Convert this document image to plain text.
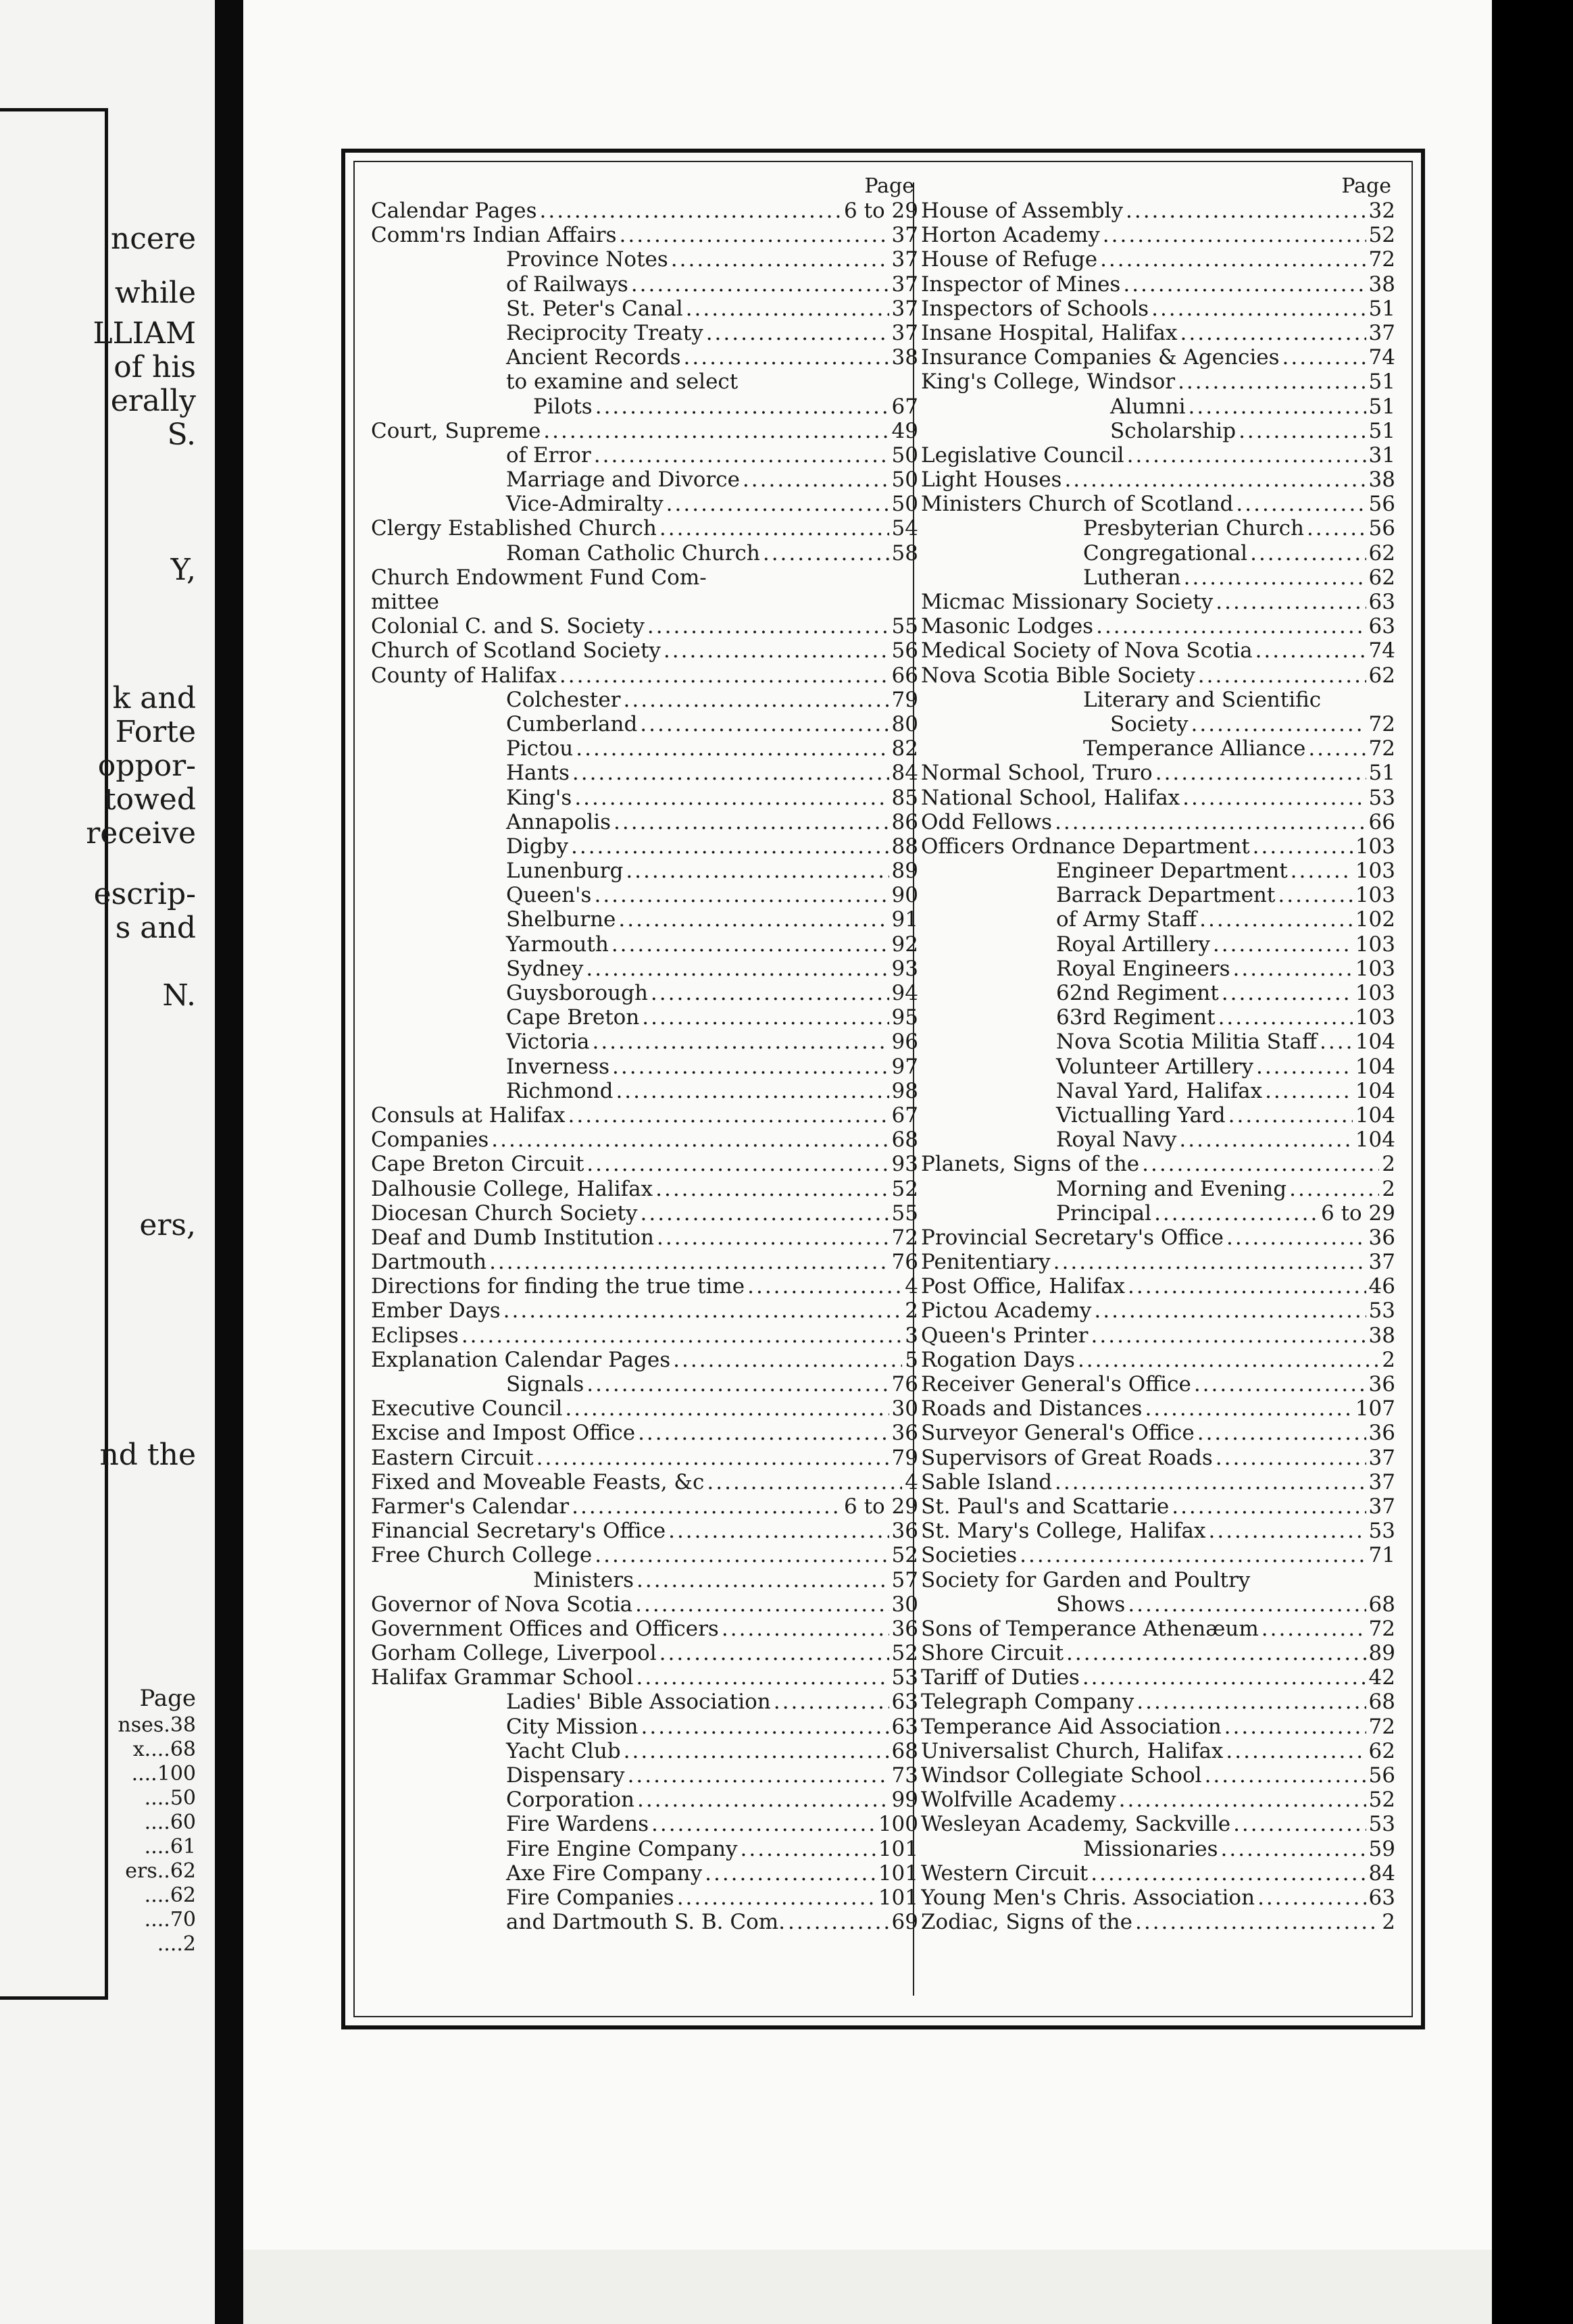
ncere
while
LLIAM
of his
erally
S.
Y,
k and
Forte
oppor-
towed
receive
escrip-
s and
N.
ers,
nd the
Page
nses.38
x....68
....100
....50
....60
....61
ers..62
....62
....70
....2
Page
Calendar Pages .....	6 to 29
Comm'rs Indian Affairs .....	37
Province Notes .....	37
of Railways .....	37
St. Peter's Canal .....	37
Reciprocity Treaty .....	37
Ancient Records .....	38
to examine and select
Pilots .....	67
Court, Supreme .....	49
of Error .....	50
Marriage and Divorce .....	50
Vice-Admiralty .....	50
Clergy Established Church .....	54
Roman Catholic Church .....	58
Church Endowment Fund Com-
mittee
Colonial C. and S. Society .....	55
Church of Scotland Society .....	56
County of Halifax .....	66
Colchester .....	79
Cumberland .....	80
Pictou .....	82
Hants .....	84
King's .....	85
Annapolis .....	86
Digby .....	88
Lunenburg .....	89
Queen's .....	90
Shelburne .....	91
Yarmouth .....	92
Sydney .....	93
Guysborough .....	94
Cape Breton .....	95
Victoria .....	96
Inverness .....	97
Richmond .....	98
Consuls at Halifax .....	67
Companies .....	68
Cape Breton Circuit .....	93
Dalhousie College, Halifax .....	52
Diocesan Church Society .....	55
Deaf and Dumb Institution .....	72
Dartmouth .....	76
Directions for finding the true time .....	4
Ember Days .....	2
Eclipses .....	3
Explanation Calendar Pages .....	5
Signals .....	76
Executive Council .....	30
Excise and Impost Office .....	36
Eastern Circuit .....	79
Fixed and Moveable Feasts, &c .....	4
Farmer's Calendar .....	6 to 29
Financial Secretary's Office .....	36
Free Church College .....	52
Ministers .....	57
Governor of Nova Scotia .....	30
Government Offices and Officers .....	36
Gorham College, Liverpool .....	52
Halifax Grammar School .....	53
Ladies' Bible Association .....	63
City Mission .....	63
Yacht Club .....	68
Dispensary .....	73
Corporation .....	99
Fire Wardens .....	100
Fire Engine Company .....	101
Axe Fire Company .....	101
Fire Companies .....	101
and Dartmouth S. B. Com. .....	69
Page
House of Assembly .....	32
Horton Academy .....	52
House of Refuge .....	72
Inspector of Mines .....	38
Inspectors of Schools .....	51
Insane Hospital, Halifax .....	37
Insurance Companies & Agencies .....	74
King's College, Windsor .....	51
Alumni .....	51
Scholarship .....	51
Legislative Council .....	31
Light Houses .....	38
Ministers Church of Scotland .....	56
Presbyterian Church .....	56
Congregational .....	62
Lutheran .....	62
Micmac Missionary Society .....	63
Masonic Lodges .....	63
Medical Society of Nova Scotia .....	74
Nova Scotia Bible Society .....	62
Literary and Scientific
Society .....	72
Temperance Alliance .....	72
Normal School, Truro .....	51
National School, Halifax .....	53
Odd Fellows .....	66
Officers Ordnance Department .....	103
Engineer Department .....	103
Barrack Department .....	103
of Army Staff .....	102
Royal Artillery .....	103
Royal Engineers .....	103
62nd Regiment .....	103
63rd Regiment .....	103
Nova Scotia Militia Staff ..... 104
Volunteer Artillery .....	104
Naval Yard, Halifax .....	104
Victualling Yard .....	104
Royal Navy .....	104
Planets, Signs of the .....	2
Morning and Evening .....	2
Principal .....	6 to 29
Provincial Secretary's Office .....	36
Penitentiary .....	37
Post Office, Halifax .....	46
Pictou Academy .....	53
Queen's Printer .....	38
Rogation Days .....	2
Receiver General's Office .....	36
Roads and Distances .....	107
Surveyor General's Office .....	36
Supervisors of Great Roads .....	37
Sable Island .....	37
St. Paul's and Scattarie .....	37
St. Mary's College, Halifax .....	53
Societies .....	71
Society for Garden and Poultry
Shows .....	68
Sons of Temperance Athenæum .....	72
Shore Circuit .....	89
Tariff of Duties .....	42
Telegraph Company .....	68
Temperance Aid Association .....	72
Universalist Church, Halifax .....	62
Windsor Collegiate School .....	56
Wolfville Academy .....	52
Wesleyan Academy, Sackville .....	53
Missionaries .....	59
Western Circuit .....	84
Young Men's Chris. Association .....	63
Zodiac, Signs of the .....	2
